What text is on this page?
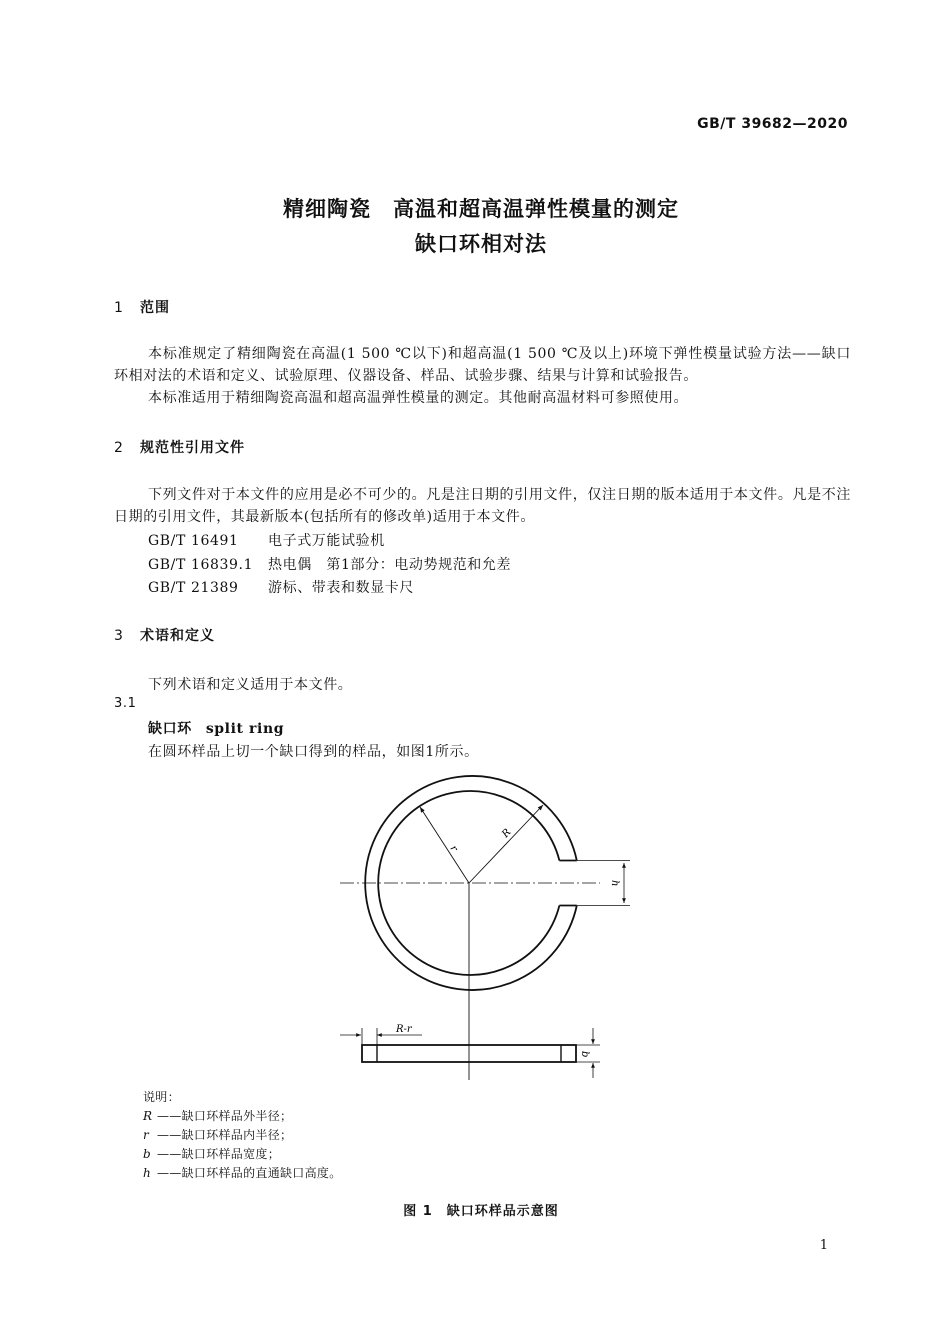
GB/T 39682—2020
精细陶瓷　高温和超高温弹性模量的测定
缺口环相对法
1 范围
本标准规定了精细陶瓷在高温(1 500 ℃以下)和超高温(1 500 ℃及以上)环境下弹性模量试验方法——缺口环相对法的术语和定义、试验原理、仪器设备、样品、试验步骤、结果与计算和试验报告。
本标准适用于精细陶瓷高温和超高温弹性模量的测定。其他耐高温材料可参照使用。
2 规范性引用文件
下列文件对于本文件的应用是必不可少的。凡是注日期的引用文件，仅注日期的版本适用于本文件。凡是不注日期的引用文件，其最新版本(包括所有的修改单)适用于本文件。
GB/T 16491 电子式万能试验机
GB/T 16839.1 热电偶　第1部分：电动势规范和允差
GB/T 21389 游标、带表和数显卡尺
3 术语和定义
下列术语和定义适用于本文件。
3.1
缺口环 split ring
在圆环样品上切一个缺口得到的样品，如图1所示。
r
R
h
R-r
b
说明：
R ——缺口环样品外半径；
r ——缺口环样品内半径；
b ——缺口环样品宽度；
h ——缺口环样品的直通缺口高度。
图 1　缺口环样品示意图
1
